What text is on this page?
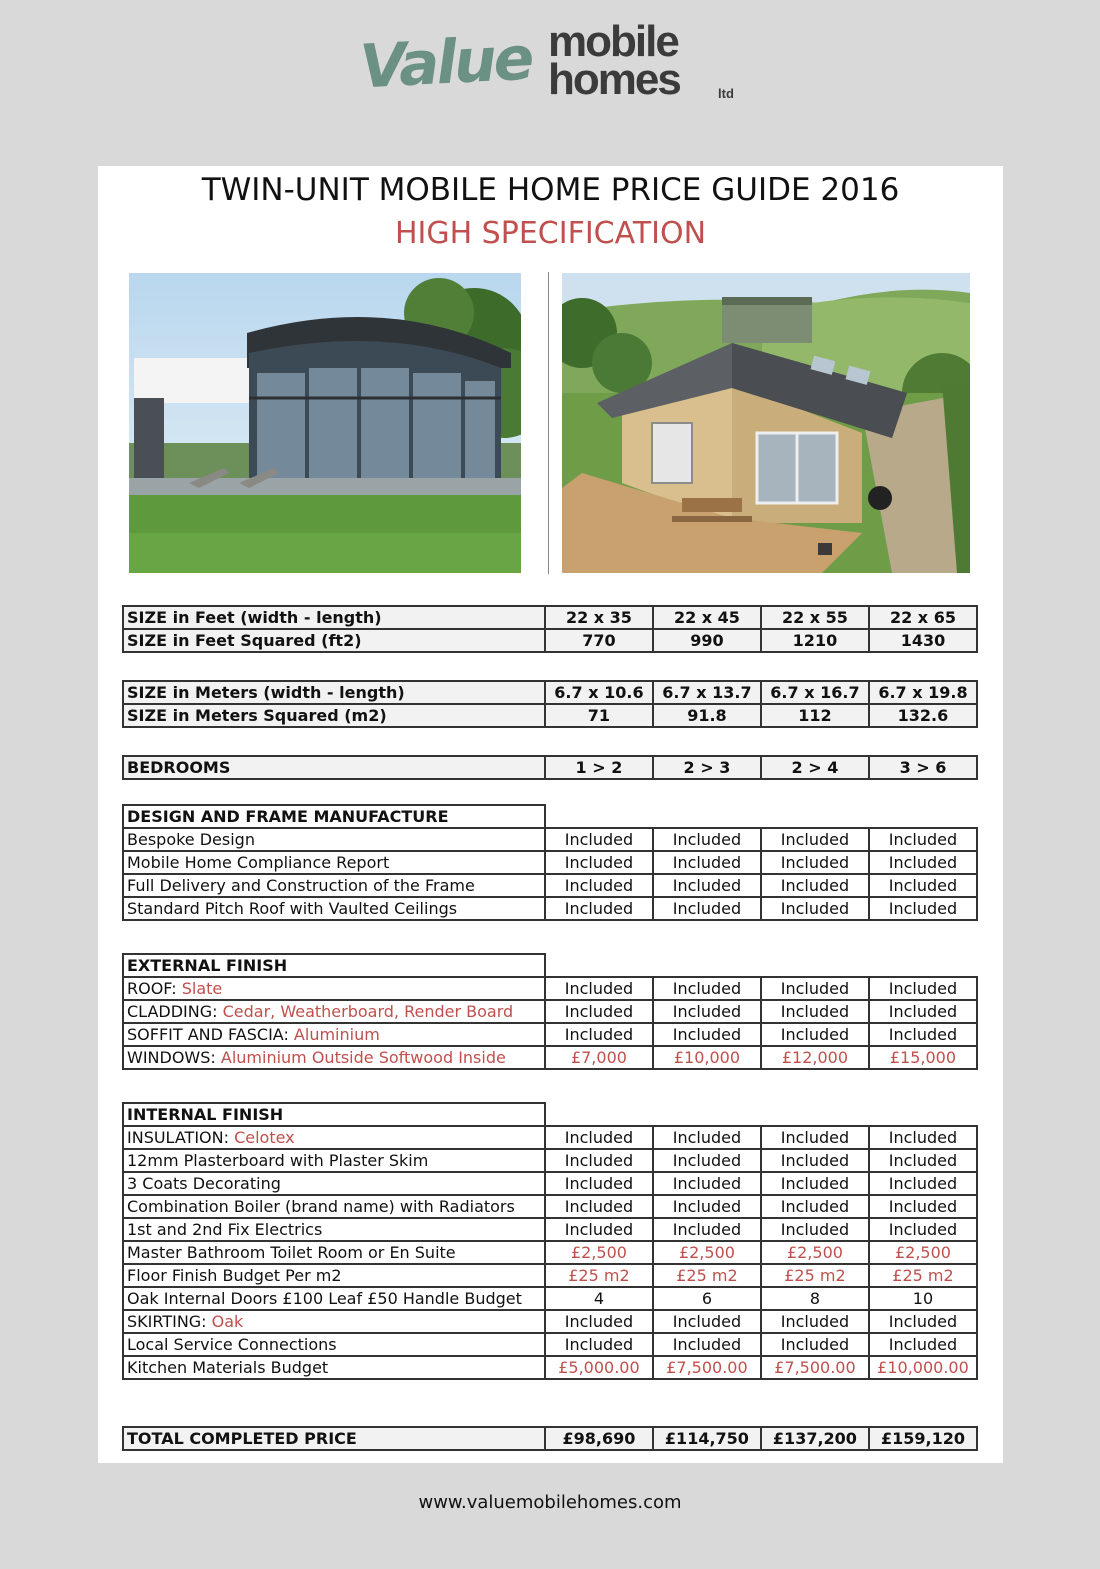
Value mobile
homes	ltd
TWIN-UNIT MOBILE HOME PRICE GUIDE 2016
HIGH SPECIFICATION
SIZE in Feet (width - length)	22 x 35	22 x 45	22 x 55	22 x 65
SIZE in Feet Squared (ft2)	770	990	1210	1430
SIZE in Meters (width - length)	6.7 x 10.6	6.7 x 13.7	6.7 x 16.7	6.7 x 19.8
SIZE in Meters Squared (m2)	71	91.8	112	132.6
BEDROOMS	1 > 2	2 > 3	2 > 4	3 > 6
DESIGN AND FRAME MANUFACTURE				
Bespoke Design	Included	Included	Included	Included
Mobile Home Compliance Report	Included	Included	Included	Included
Full Delivery and Construction of the Frame	Included	Included	Included	Included
Standard Pitch Roof with Vaulted Ceilings	Included	Included	Included	Included
EXTERNAL FINISH				
ROOF: Slate	Included	Included	Included	Included
CLADDING: Cedar, Weatherboard, Render Board	Included	Included	Included	Included
SOFFIT AND FASCIA: Aluminium	Included	Included	Included	Included
WINDOWS: Aluminium Outside Softwood Inside	£7,000	£10,000	£12,000	£15,000
INTERNAL FINISH				
INSULATION: Celotex	Included	Included	Included	Included
12mm Plasterboard with Plaster Skim	Included	Included	Included	Included
3 Coats Decorating	Included	Included	Included	Included
Combination Boiler (brand name) with Radiators	Included	Included	Included	Included
1st and 2nd Fix Electrics	Included	Included	Included	Included
Master Bathroom Toilet Room or En Suite	£2,500	£2,500	£2,500	£2,500
Floor Finish Budget Per m2	£25 m2	£25 m2	£25 m2	£25 m2
Oak Internal Doors £100 Leaf £50 Handle Budget	4	6	8	10
SKIRTING: Oak	Included	Included	Included	Included
Local Service Connections	Included	Included	Included	Included
Kitchen Materials Budget	£5,000.00	£7,500.00	£7,500.00	£10,000.00
TOTAL COMPLETED PRICE	£98,690	£114,750	£137,200	£159,120
www.valuemobilehomes.com
